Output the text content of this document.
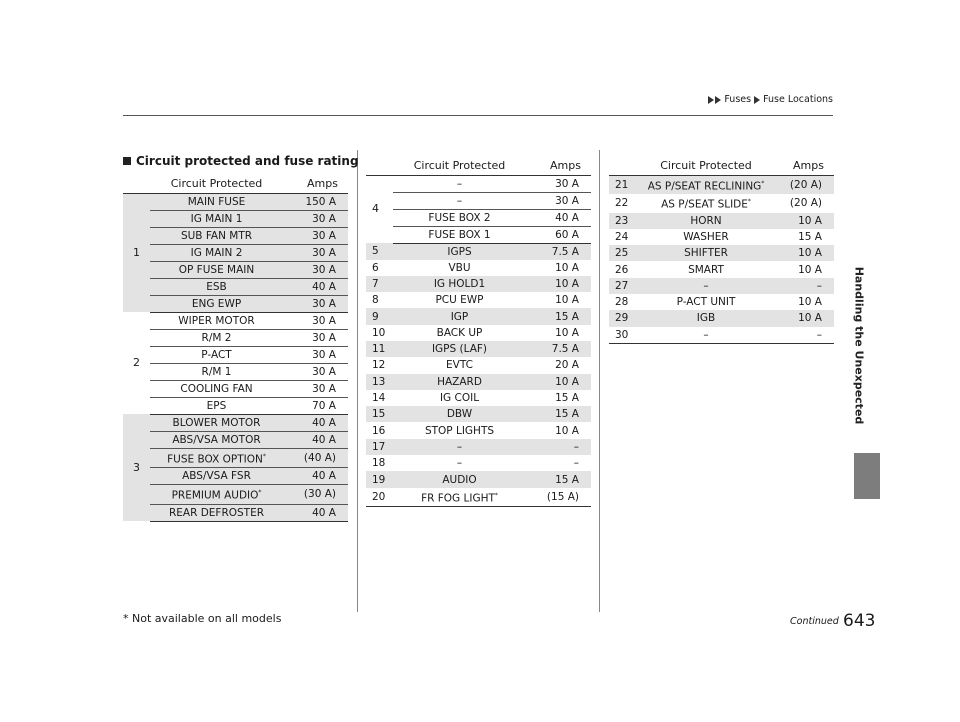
Fuses Fuse Locations
Handling the Unexpected
Circuit protected and fuse rating
	Circuit Protected	Amps
1	MAIN FUSE	150 A
	IG MAIN 1	30 A
	SUB FAN MTR	30 A
	IG MAIN 2	30 A
	OP FUSE MAIN	30 A
	ESB	40 A
	ENG EWP	30 A
2	WIPER MOTOR	30 A
	R/M 2	30 A
	P-ACT	30 A
	R/M 1	30 A
	COOLING FAN	30 A
	EPS	70 A
3	BLOWER MOTOR	40 A
	ABS/VSA MOTOR	40 A
	FUSE BOX OPTION*	(40 A)
	ABS/VSA FSR	40 A
	PREMIUM AUDIO*	(30 A)
	REAR DEFROSTER	40 A
	Circuit Protected	Amps
4	–	30 A
	–	30 A
	FUSE BOX 2	40 A
	FUSE BOX 1	60 A
5	IGPS	7.5 A
6	VBU	10 A
7	IG HOLD1	10 A
8	PCU EWP	10 A
9	IGP	15 A
10	BACK UP	10 A
11	IGPS (LAF)	7.5 A
12	EVTC	20 A
13	HAZARD	10 A
14	IG COIL	15 A
15	DBW	15 A
16	STOP LIGHTS	10 A
17	–	–
18	–	–
19	AUDIO	15 A
20	FR FOG LIGHT*	(15 A)
	Circuit Protected	Amps
21	AS P/SEAT RECLINING*	(20 A)
22	AS P/SEAT SLIDE*	(20 A)
23	HORN	10 A
24	WASHER	15 A
25	SHIFTER	10 A
26	SMART	10 A
27	–	–
28	P-ACT UNIT	10 A
29	IGB	10 A
30	–	–
* Not available on all models	Continued 643
